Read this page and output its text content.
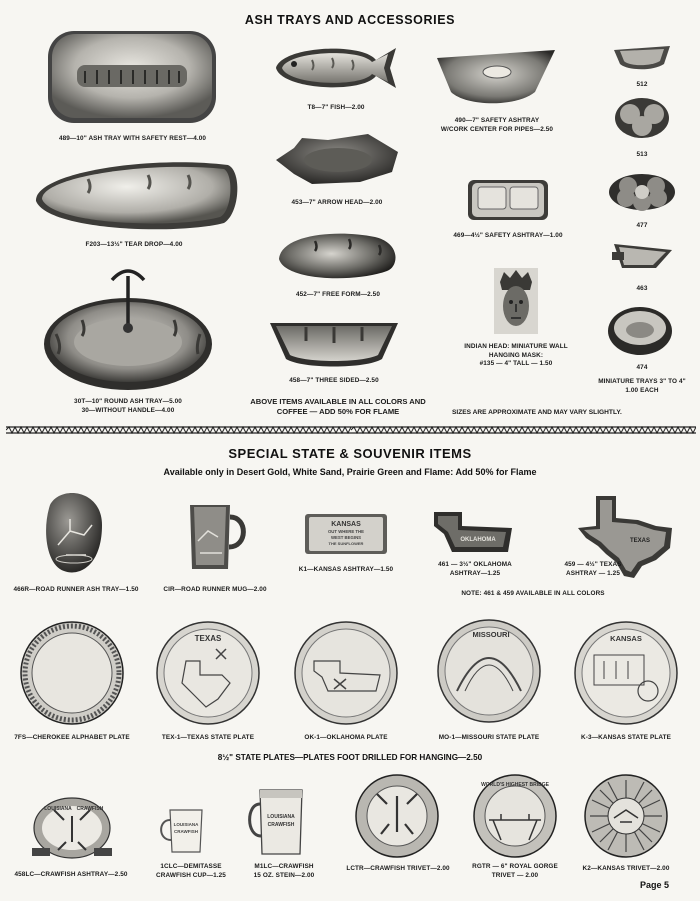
ASH TRAYS AND ACCESSORIES
489—10" ASH TRAY WITH SAFETY REST—4.00
F203—13½" TEAR DROP—4.00
30T—10" ROUND ASH TRAY—5.00
30—WITHOUT HANDLE—4.00
T8—7" FISH—2.00
453—7" ARROW HEAD—2.00
452—7" FREE FORM—2.50
458—7" THREE SIDED—2.50
ABOVE ITEMS AVAILABLE IN ALL COLORS AND
COFFEE — ADD 50% FOR FLAME
490—7" SAFETY ASHTRAY
W/CORK CENTER FOR PIPES—2.50
469—4½" SAFETY ASHTRAY—1.00
INDIAN HEAD: MINIATURE WALL
HANGING MASK:
#135 — 4" TALL — 1.50
512
513
477
463
474
MINIATURE TRAYS 3" TO 4"
1.00 EACH
SIZES ARE APPROXIMATE AND MAY VARY SLIGHTLY.
SPECIAL STATE & SOUVENIR ITEMS
Available only in Desert Gold, White Sand, Prairie Green and Flame: Add 50% for Flame
466R—ROAD RUNNER ASH TRAY—1.50	CIR—ROAD RUNNER MUG—2.00
KANSAS
OUT WHERE THE
WEST BEGINS
THE SUNFLOWER
K1—KANSAS ASHTRAY—1.50
OKLAHOMA
461 — 3½" OKLAHOMA
ASHTRAY—1.25
TEXAS
459 — 4½" TEXAS
ASHTRAY — 1.25
NOTE: 461 & 459 AVAILABLE IN ALL COLORS
7FS—CHEROKEE ALPHABET PLATE
TEXAS
TEX-1—TEXAS STATE PLATE	OK-1—OKLAHOMA PLATE
MISSOURI
MO-1—MISSOURI STATE PLATE
KANSAS
K-3—KANSAS STATE PLATE
8½" STATE PLATES—PLATES FOOT DRILLED FOR HANGING—2.50
LOUISIANA CRAWFISH
458LC—CRAWFISH ASHTRAY—2.50
LOUISIANA
CRAWFISH
1CLC—DEMITASSE
CRAWFISH CUP—1.25
LOUISIANA
CRAWFISH
M1LC—CRAWFISH
15 OZ. STEIN—2.00
LCTR—CRAWFISH TRIVET—2.00
WORLD'S HIGHEST BRIDGE
RGTR — 6" ROYAL GORGE
TRIVET — 2.00
K2—KANSAS TRIVET—2.00
Page 5
